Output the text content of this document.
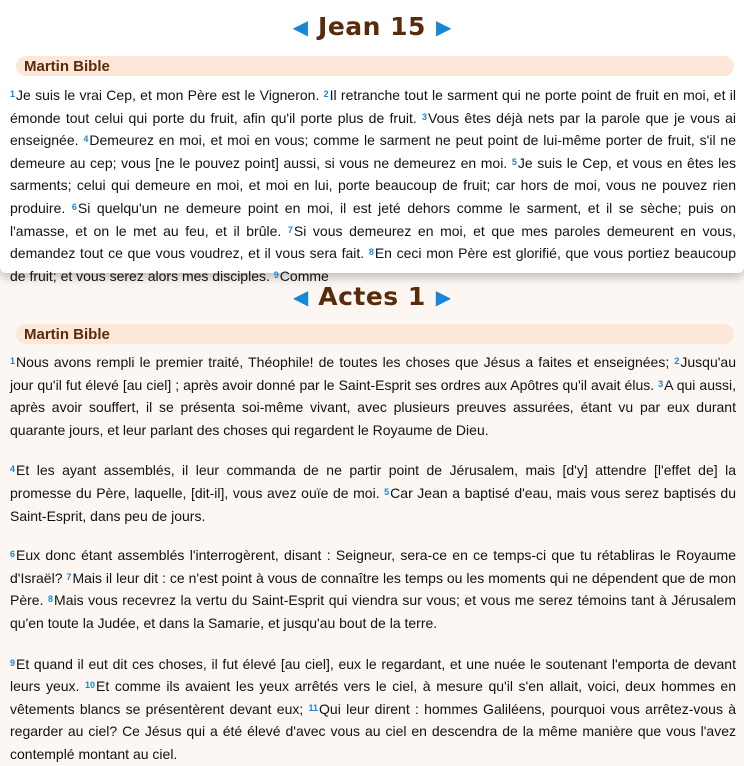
◀ Jean 15 ▶
Martin Bible

$^1$Je suis le vrai Cep, et mon Père est le Vigneron. $^2$Il retranche tout le sarment qui ne porte point de fruit en moi, et il émonde tout celui qui porte du fruit, afin qu'il porte plus de fruit. $^3$Vous êtes déjà nets par la parole que je vous ai enseignée. $^4$Demeurez en moi, et moi en vous; comme le sarment ne peut point de lui-même porter de fruit, s'il ne demeure au cep; vous [ne le pouvez point] aussi, si vous ne demeurez en moi. $^5$Je suis le Cep, et vous en êtes les sarments; celui qui demeure en moi, et moi en lui, porte beaucoup de fruit; car hors de moi, vous ne pouvez rien produire. $^6$Si quelqu'un ne demeure point en moi, il est jeté dehors comme le sarment, et il se sèche; puis on l'amasse, et on le met au feu, et il brûle. $^7$Si vous demeurez en moi, et que mes paroles demeurent en vous, demandez tout ce que vous voudrez, et il vous sera fait. $^8$En ceci mon Père est glorifié, que vous portiez beaucoup de fruit; et vous serez alors mes disciples. $^9$Comme

◀ Actes 1 ▶
Martin Bible

$^1$Nous avons rempli le premier traité, Théophile! de toutes les choses que Jésus a faites et enseignées; $^2$Jusqu'au jour qu'il fut élevé [au ciel] ; après avoir donné par le Saint-Esprit ses ordres aux Apôtres qu'il avait élus. $^3$A qui aussi, après avoir souffert, il se présenta soi-même vivant, avec plusieurs preuves assurées, étant vu par eux durant quarante jours, et leur parlant des choses qui regardent le Royaume de Dieu.

$^4$Et les ayant assemblés, il leur commanda de ne partir point de Jérusalem, mais [d'y] attendre [l'effet de] la promesse du Père, laquelle, [dit-il], vous avez ouïe de moi. $^5$Car Jean a baptisé d'eau, mais vous serez baptisés du Saint-Esprit, dans peu de jours.

$^6$Eux donc étant assemblés l'interrogèrent, disant : Seigneur, sera-ce en ce temps-ci que tu rétabliras le Royaume d'Israël? $^7$Mais il leur dit : ce n'est point à vous de connaître les temps ou les moments qui ne dépendent que de mon Père. $^8$Mais vous recevrez la vertu du Saint-Esprit qui viendra sur vous; et vous me serez témoins tant à Jérusalem qu'en toute la Judée, et dans la Samarie, et jusqu'au bout de la terre.

$^9$Et quand il eut dit ces choses, il fut élevé [au ciel], eux le regardant, et une nuée le soutenant l'emporta de devant leurs yeux. $^{10}$Et comme ils avaient les yeux arrêtés vers le ciel, à mesure qu'il s'en allait, voici, deux hommes en vêtements blancs se présentèrent devant eux; $^{11}$Qui leur dirent : hommes Galiléens, pourquoi vous arrêtez-vous à regarder au ciel? Ce Jésus qui a été élevé d'avec vous au ciel en descendra de la même manière que vous l'avez contemplé montant au ciel.
